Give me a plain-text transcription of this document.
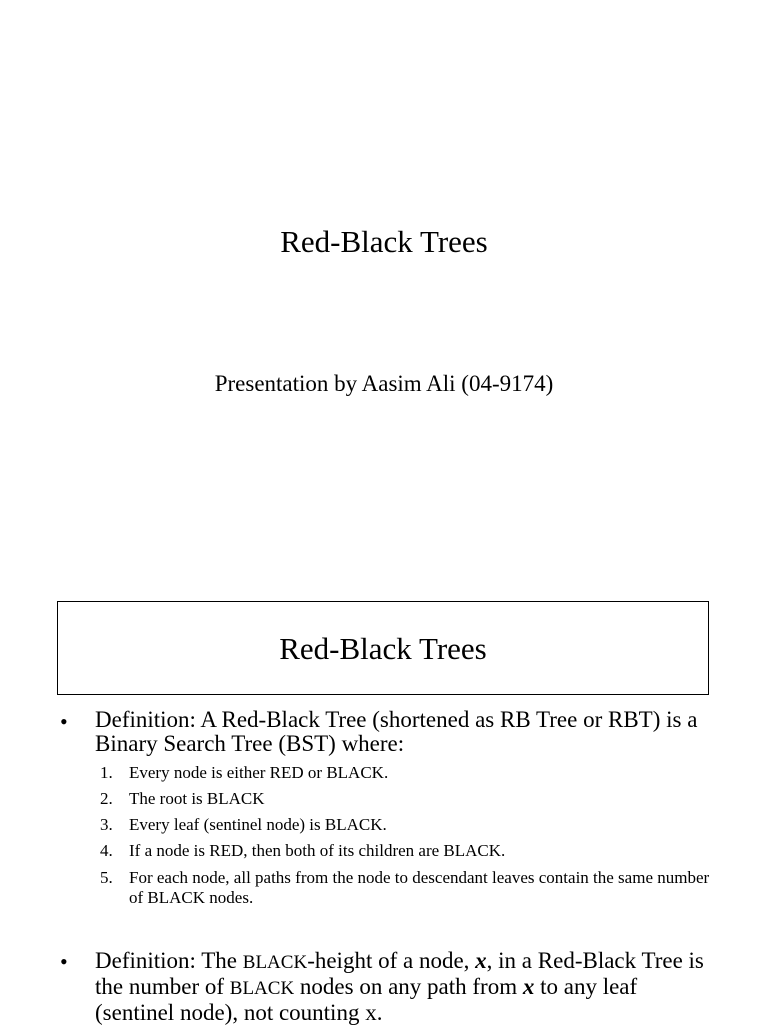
Red-Black Trees
Presentation by Aasim Ali (04-9174)
Red-Black Trees
• Definition: A Red-Black Tree (shortened as RB Tree or RBT) is a Binary Search Tree (BST) where:
1. Every node is either RED or BLACK.
2. The root is BLACK
3. Every leaf (sentinel node) is BLACK.
4. If a node is RED, then both of its children are BLACK.
5. For each node, all paths from the node to descendant leaves contain the same number of BLACK nodes.
• Definition: The BLACK-height of a node, x, in a Red-Black Tree is the number of BLACK nodes on any path from x to any leaf (sentinel node), not counting x.
